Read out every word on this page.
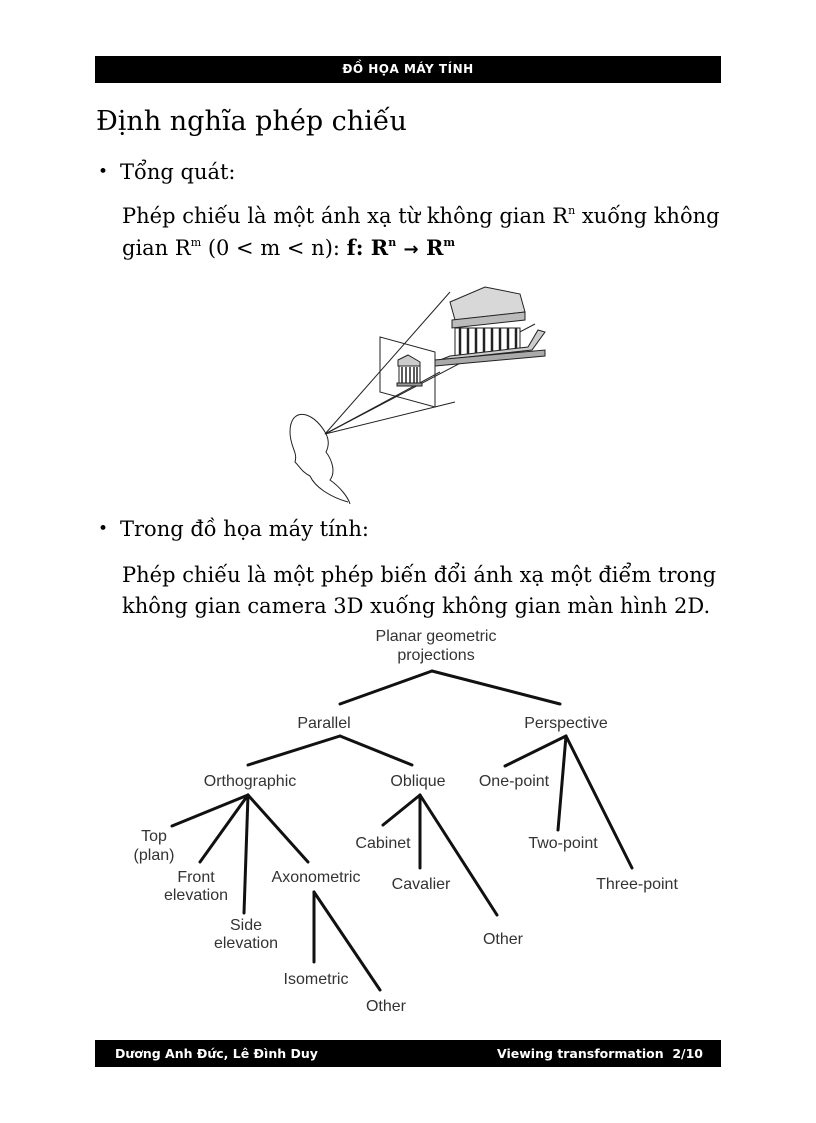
ĐỒ HỌA MÁY TÍNH
Định nghĩa phép chiếu
• Tổng quát:
Phép chiếu là một ánh xạ từ không gian $R^n$ xuống không
gian $R^m$ (0 < m < n): f: $R^n \to R^m$
• Trong đồ họa máy tính:
Phép chiếu là một phép biến đổi ánh xạ một điểm trong không gian camera 3D xuống không gian màn hình 2D.
Planar geometric
projections
Parallel	Perspective
Orthographic	Oblique One-point
Two-point
Three-point
Top
(plan)
Front
elevation
Side
elevation
Axonometric
Isometric
Other
Cabinet
Cavalier
Other
Dương Anh Đức, Lê Đình Duy	Viewing transformation 2/10
